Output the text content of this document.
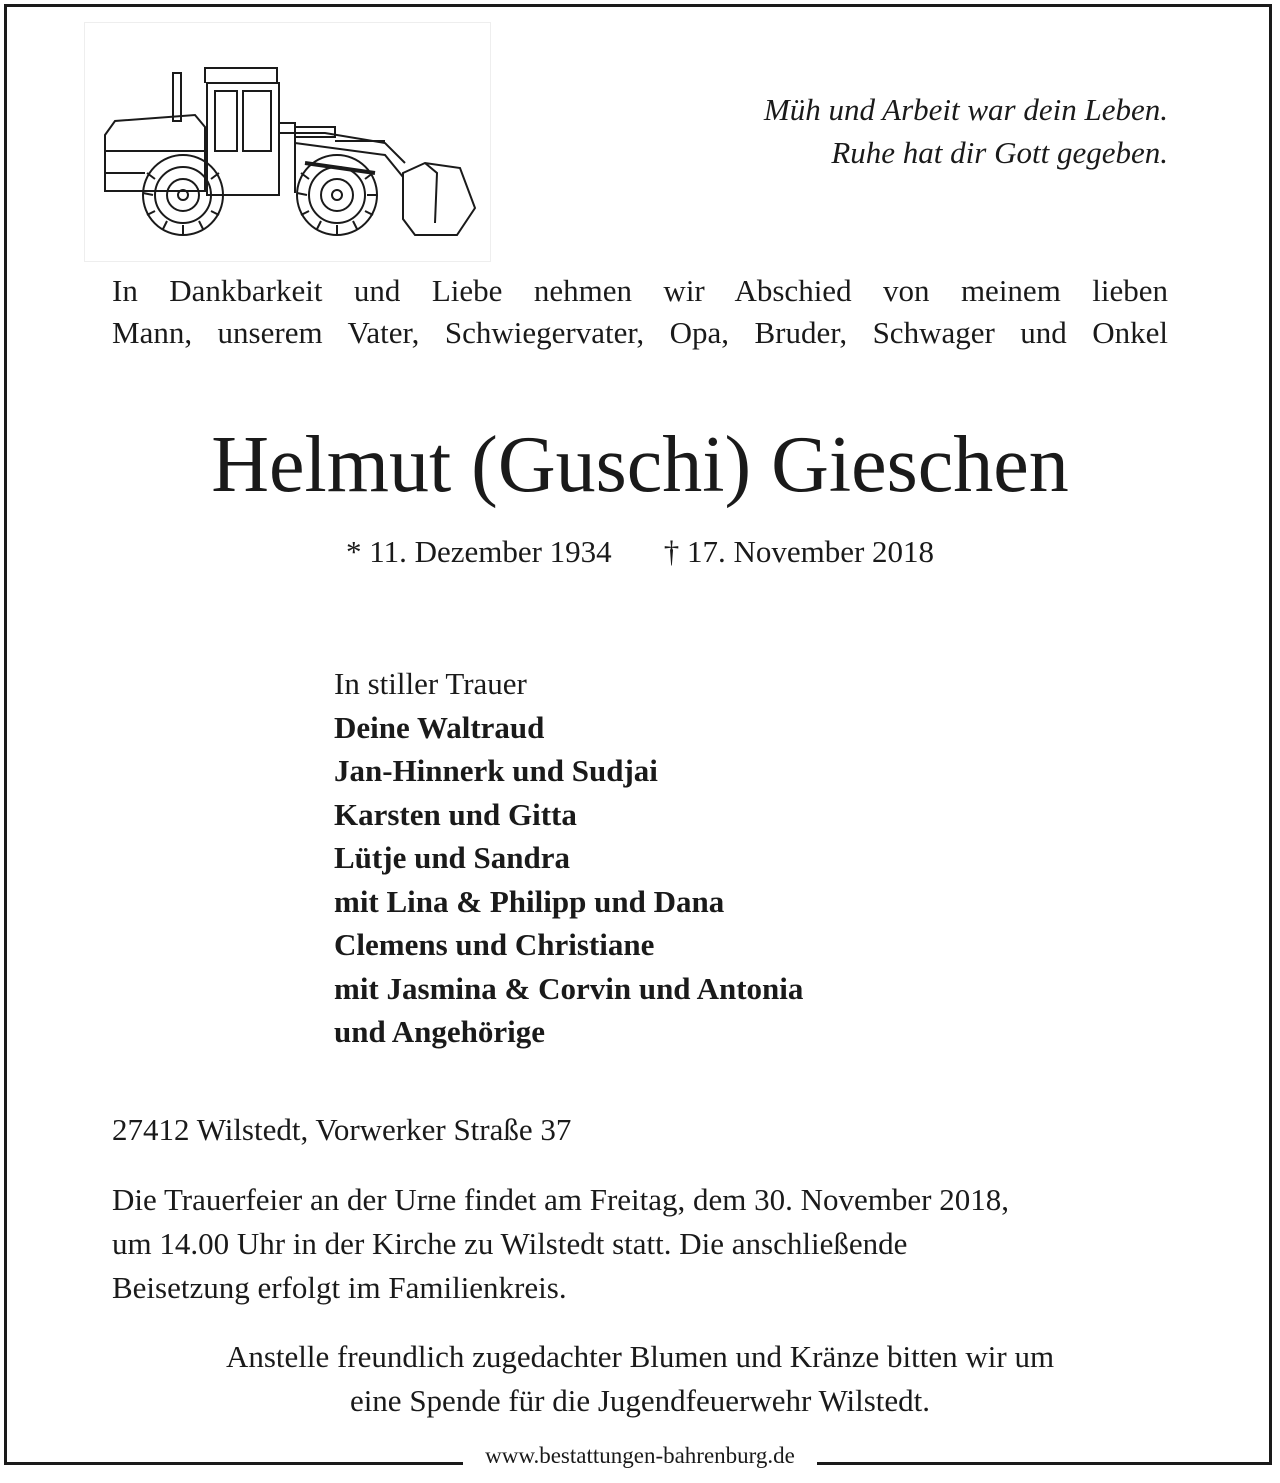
Müh und Arbeit war dein Leben.
Ruhe hat dir Gott gegeben.
In Dankbarkeit und Liebe nehmen wir Abschied von meinem lieben
Mann, unserem Vater, Schwiegervater, Opa, Bruder, Schwager und Onkel
Helmut (Guschi) Gieschen
* 11. Dezember 1934 † 17. November 2018
In stiller Trauer
Deine Waltraud
Jan-Hinnerk und Sudjai
Karsten und Gitta
Lütje und Sandra
mit Lina & Philipp und Dana
Clemens und Christiane
mit Jasmina & Corvin und Antonia
und Angehörige
27412 Wilstedt, Vorwerker Straße 37
Die Trauerfeier an der Urne findet am Freitag, dem 30. November 2018,
um 14.00 Uhr in der Kirche zu Wilstedt statt. Die anschließende
Beisetzung erfolgt im Familienkreis.
Anstelle freundlich zugedachter Blumen und Kränze bitten wir um
eine Spende für die Jugendfeuerwehr Wilstedt.
www.bestattungen-bahrenburg.de
